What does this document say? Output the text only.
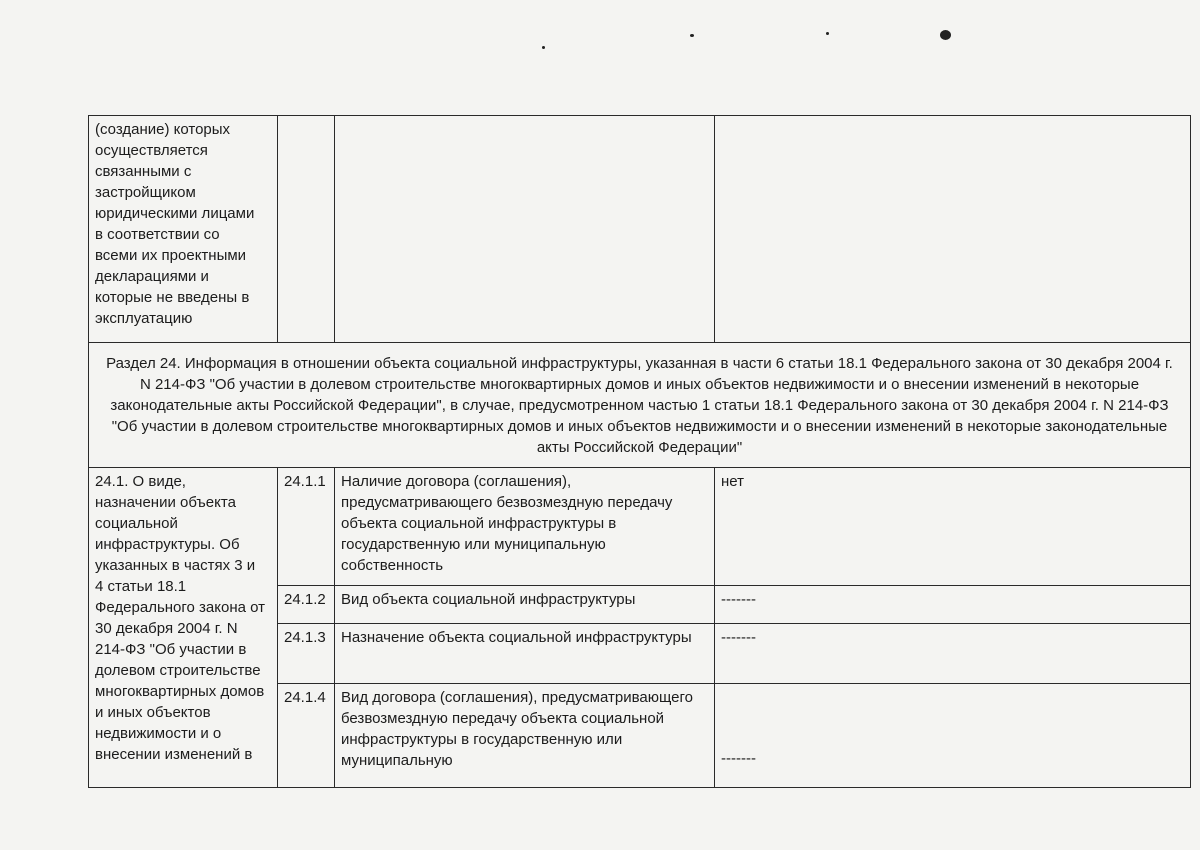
(создание) которых осуществляется связанными с застройщиком юридическими лицами в соответствии со всеми их проектными декларациями и которые не введены в эксплуатацию			

Раздел 24. Информация в отношении объекта социальной инфраструктуры, указанная в части 6 статьи 18.1 Федерального закона от 30 декабря 2004 г. N 214-ФЗ "Об участии в долевом строительстве многоквартирных домов и иных объектов недвижимости и о внесении изменений в некоторые законодательные акты Российской Федерации", в случае, предусмотренном частью 1 статьи 18.1 Федерального закона от 30 декабря 2004 г. N 214-ФЗ "Об участии в долевом строительстве многоквартирных домов и иных объектов недвижимости и о внесении изменений в некоторые законодательные акты Российской Федерации"			

24.1. О виде, назначении объекта социальной инфраструктуры. Об указанных в частях 3 и 4 статьи 18.1 Федерального закона от 30 декабря 2004 г. N 214-ФЗ "Об участии в долевом строительстве многоквартирных домов и иных объектов недвижимости и о внесении изменений в	24.1.1	Наличие договора (соглашения), предусматривающего безвозмездную передачу объекта социальной инфраструктуры в государственную или муниципальную собственность	нет
	24.1.2	Вид объекта социальной инфраструктуры	-------
	24.1.3	Назначение объекта социальной инфраструктуры	-------
	24.1.4	Вид договора (соглашения), предусматривающего безвозмездную передачу объекта социальной инфраструктуры в государственную или муниципальную	-------
